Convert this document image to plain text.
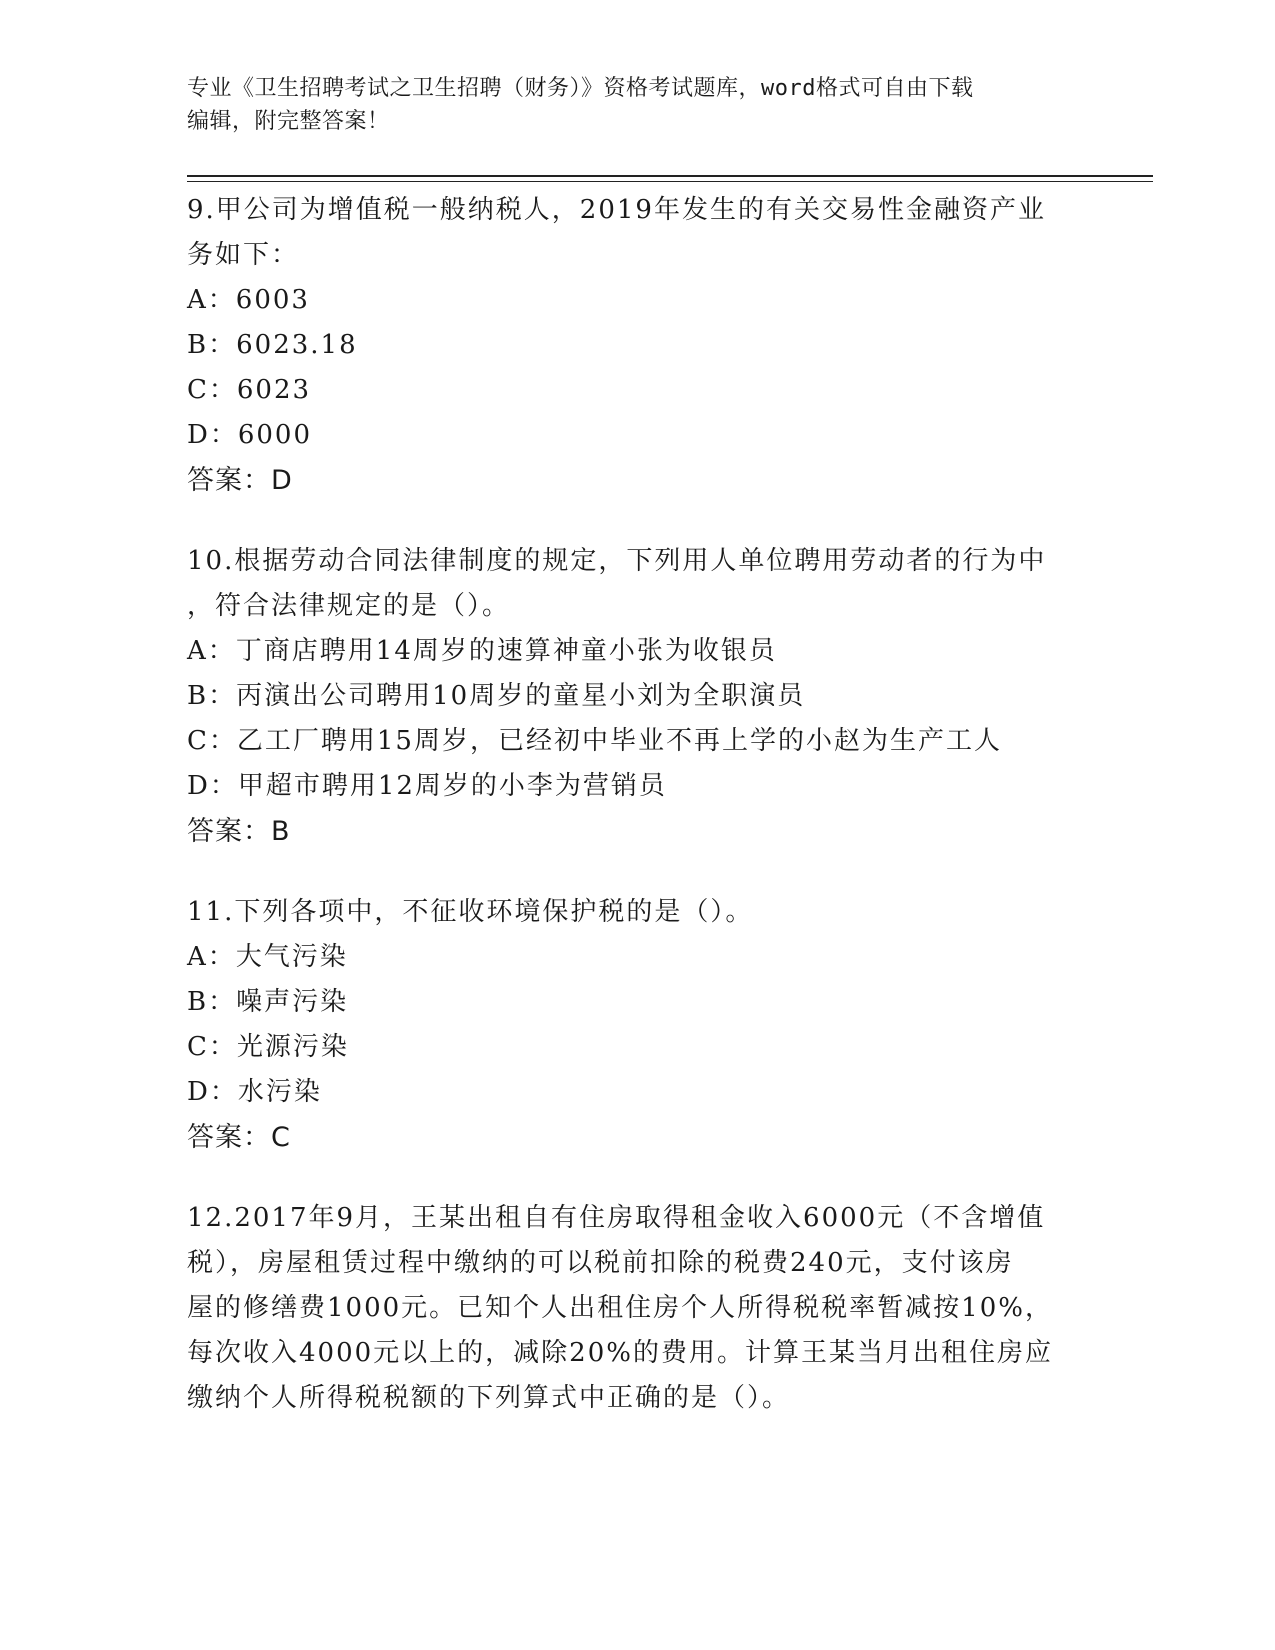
专业《卫生招聘考试之卫生招聘（财务）》资格考试题库，word格式可自由下载
编辑，附完整答案！
9.甲公司为增值税一般纳税人，2019年发生的有关交易性金融资产业
务如下：
A：6003
B：6023.18
C：6023
D：6000
答案：D
10.根据劳动合同法律制度的规定，下列用人单位聘用劳动者的行为中
，符合法律规定的是（）。
A：丁商店聘用14周岁的速算神童小张为收银员
B：丙演出公司聘用10周岁的童星小刘为全职演员
C：乙工厂聘用15周岁，已经初中毕业不再上学的小赵为生产工人
D：甲超市聘用12周岁的小李为营销员
答案：B
11.下列各项中，不征收环境保护税的是（）。
A：大气污染
B：噪声污染
C：光源污染
D：水污染
答案：C
12.2017年9月，王某出租自有住房取得租金收入6000元（不含增值
税），房屋租赁过程中缴纳的可以税前扣除的税费240元，支付该房
屋的修缮费1000元。已知个人出租住房个人所得税税率暂减按10%，
每次收入4000元以上的，减除20%的费用。计算王某当月出租住房应
缴纳个人所得税税额的下列算式中正确的是（）。
